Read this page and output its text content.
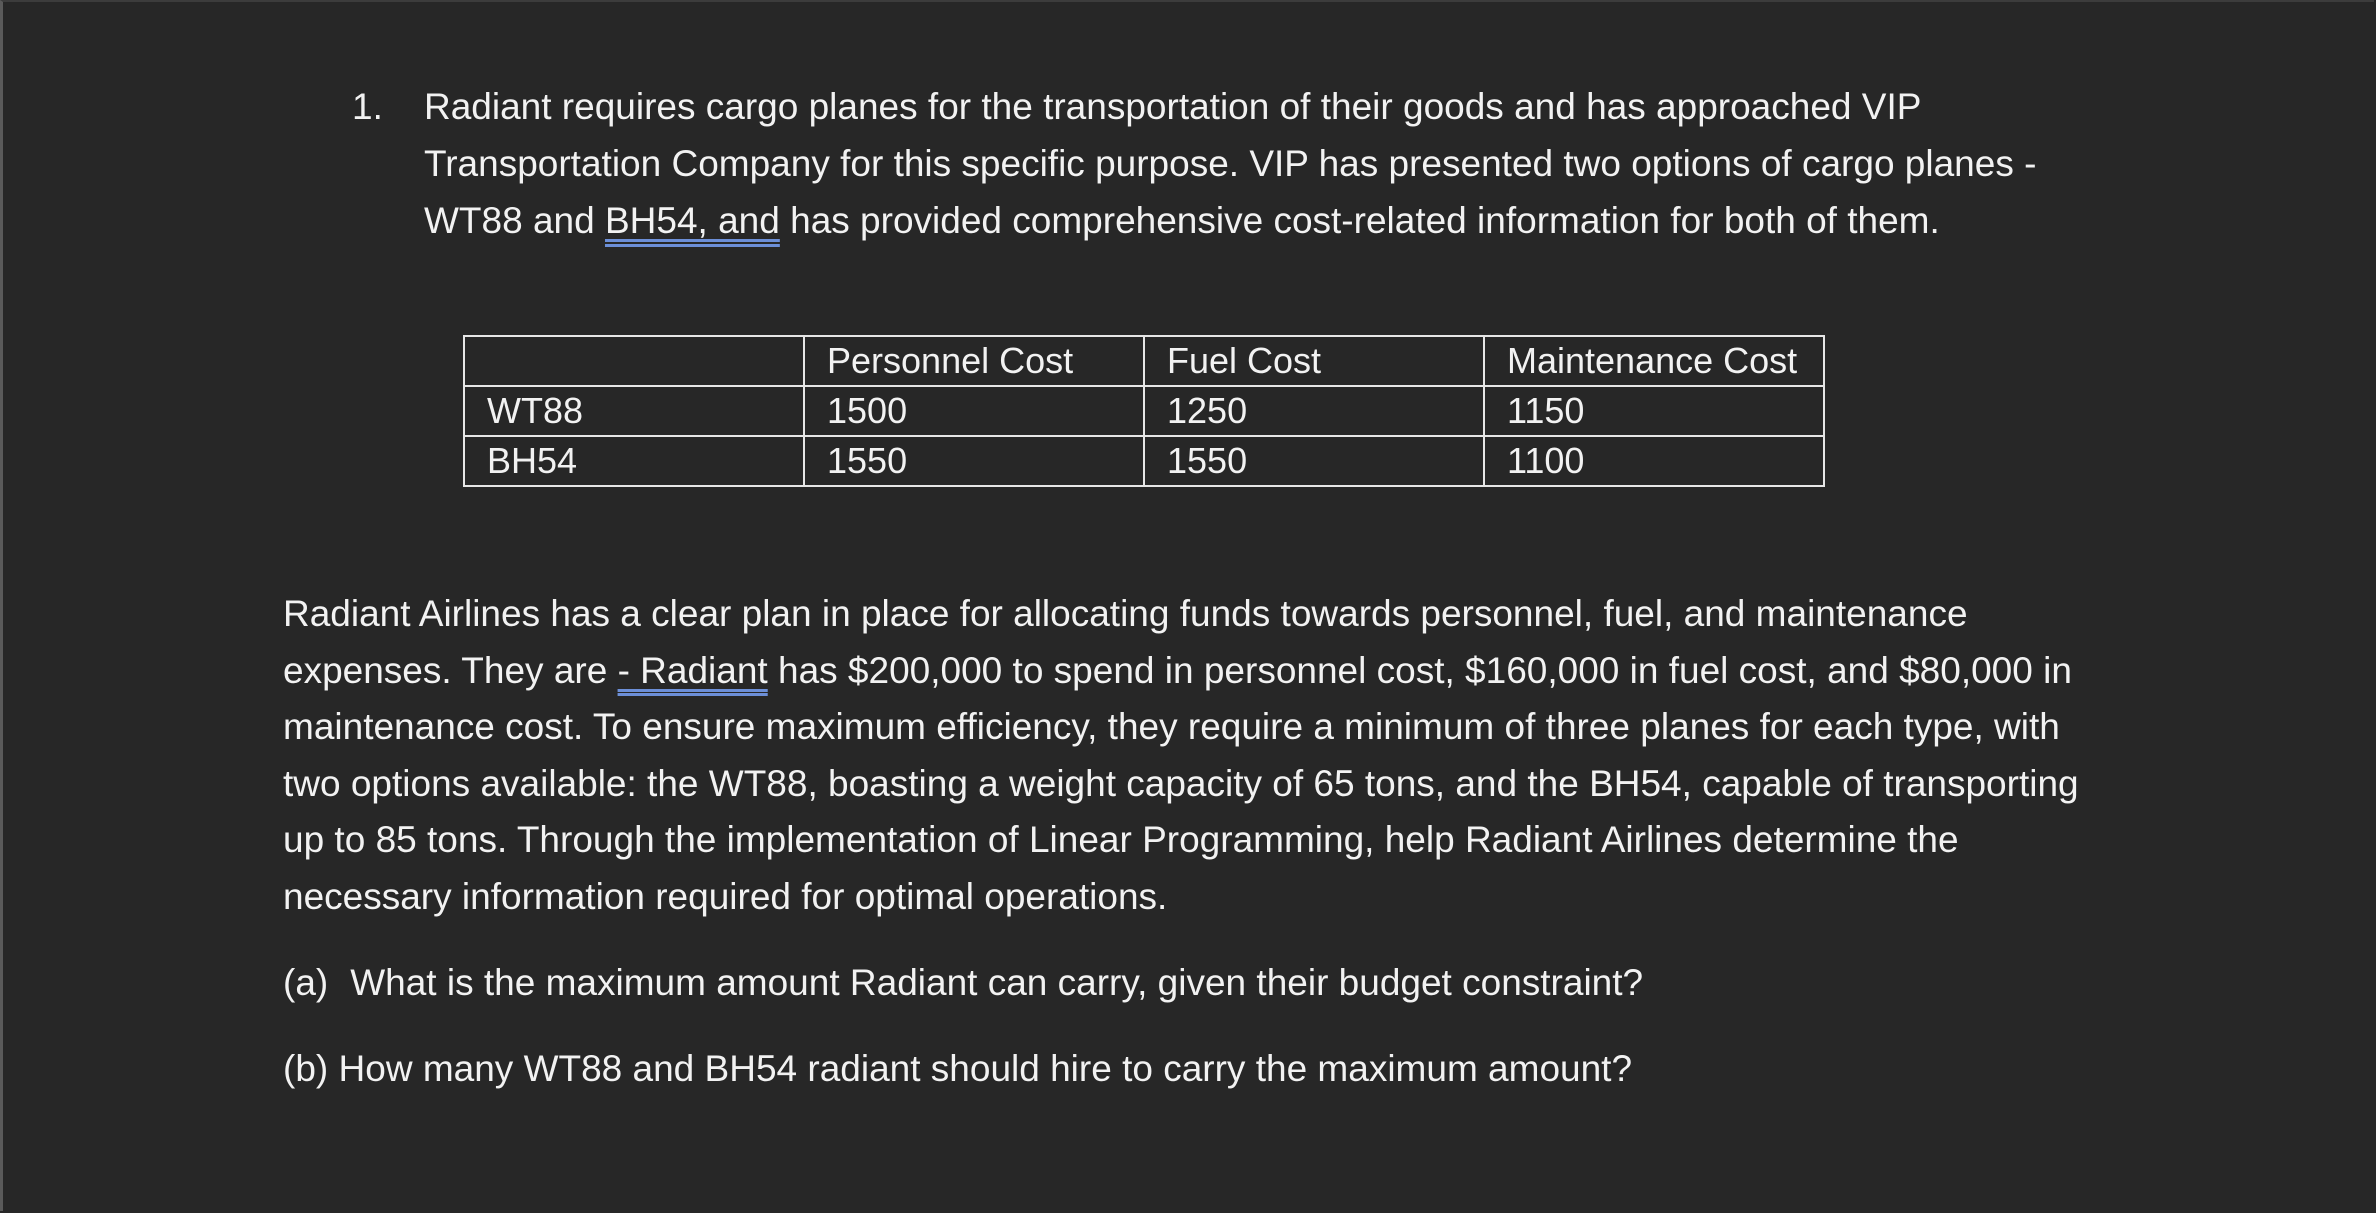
1. Radiant requires cargo planes for the transportation of their goods and has approached VIP Transportation Company for this specific purpose. VIP has presented two options of cargo planes - WT88 and BH54, and has provided comprehensive cost-related information for both of them.
	Personnel Cost	Fuel Cost	Maintenance Cost
WT88	1500	1250	1150
BH54	1550	1550	1100
Radiant Airlines has a clear plan in place for allocating funds towards personnel, fuel, and maintenance expenses. They are - Radiant has $200,000 to spend in personnel cost, $160,000 in fuel cost, and $80,000 in maintenance cost. To ensure maximum efficiency, they require a minimum of three planes for each type, with two options available: the WT88, boasting a weight capacity of 65 tons, and the BH54, capable of transporting up to 85 tons. Through the implementation of Linear Programming, help Radiant Airlines determine the necessary information required for optimal operations.
(a) What is the maximum amount Radiant can carry, given their budget constraint?
(b) How many WT88 and BH54 radiant should hire to carry the maximum amount?
